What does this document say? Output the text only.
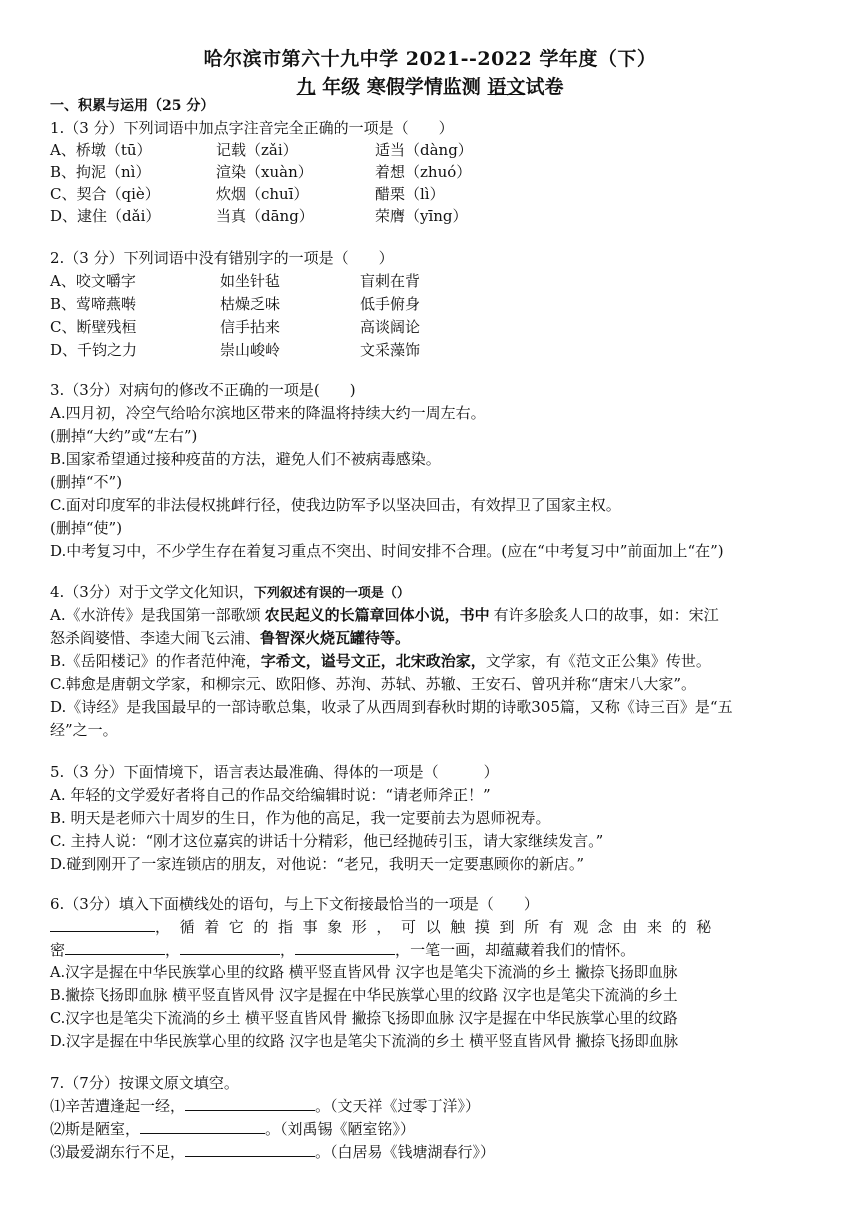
哈尔滨市第六十九中学 2021--2022 学年度（下）
九 年级 寒假学情监测 语文试卷
一、积累与运用（25 分）
1.（3 分）下列词语中加点字注音完全正确的一项是（　　）
A、桥墩（tū）	记载（zǎi）	适当（dàng）
B、拘泥（nì）	渲染（xuàn）	着想（zhuó）
C、契合（qiè）	炊烟（chuī）	醋栗（lì）
D、逮住（dǎi）	当真（dāng）	荣膺（yīng）
2.（3 分）下列词语中没有错别字的一项是（　　）
A、咬文嚼字	如坐针毡	盲刺在背
B、莺啼燕啭	枯燥乏味	低手俯身
C、断壁残桓	信手拈来	高谈阔论
D、千钧之力	崇山峻岭	文采藻饰
3.（3分）对病句的修改不正确的一项是(　　)
A.四月初，冷空气给哈尔滨地区带来的降温将持续大约一周左右。
(删掉“大约”或“左右”)
B.国家希望通过接种疫苗的方法，避免人们不被病毒感染。
(删掉“不”)
C.面对印度军的非法侵权挑衅行径，使我边防军予以坚决回击，有效捍卫了国家主权。
(删掉“使”)
D.中考复习中，不少学生存在着复习重点不突出、时间安排不合理。(应在“中考复习中”前面加上“在”)
4.（3分）对于文学文化知识，下列叙述有误的一项是（）
A.《水浒传》是我国第一部歌颂 农民起义的长篇章回体小说，书中 有许多脍炙人口的故事，如：宋江
怒杀阎婆惜、李逵大闹飞云浦、鲁智深火烧瓦罐待等。
B.《岳阳楼记》的作者范仲淹，字希文，谥号文正，北宋政治家，文学家，有《范文正公集》传世。
C.韩愈是唐朝文学家，和柳宗元、欧阳修、苏洵、苏轼、苏辙、王安石、曾巩并称“唐宋八大家”。
D.《诗经》是我国最早的一部诗歌总集，收录了从西周到春秋时期的诗歌305篇，又称《诗三百》是“五
经”之一。
5.（3 分）下面情境下，语言表达最准确、得体的一项是（　　　）
A. 年轻的文学爱好者将自己的作品交给编辑时说：“请老师斧正！”
B. 明天是老师六十周岁的生日，作为他的高足，我一定要前去为恩师祝寿。
C. 主持人说：“刚才这位嘉宾的讲话十分精彩，他已经抛砖引玉，请大家继续发言。”
D.碰到刚开了一家连锁店的朋友，对他说：“老兄，我明天一定要惠顾你的新店。”
6.（3分）填入下面横线处的语句，与上下文衔接最恰当的一项是（　　）
，循着它的指事象形，可以触摸到所有观念由来的秘
密	，	，	，一笔一画，却蕴藏着我们的情怀。
A.汉字是握在中华民族掌心里的纹路 横平竖直皆风骨 汉字也是笔尖下流淌的乡土 撇捺飞扬即血脉
B.撇捺飞扬即血脉 横平竖直皆风骨 汉字是握在中华民族掌心里的纹路 汉字也是笔尖下流淌的乡土
C.汉字也是笔尖下流淌的乡土 横平竖直皆风骨 撇捺飞扬即血脉 汉字是握在中华民族掌心里的纹路
D.汉字是握在中华民族掌心里的纹路 汉字也是笔尖下流淌的乡土 横平竖直皆风骨 撇捺飞扬即血脉
7.（7分）按课文原文填空。
⑴辛苦遭逢起一经，	。（文天祥《过零丁洋》）
⑵斯是陋室，	。（刘禹锡《陋室铭》）
⑶最爱湖东行不足，	。（白居易《钱塘湖春行》）
